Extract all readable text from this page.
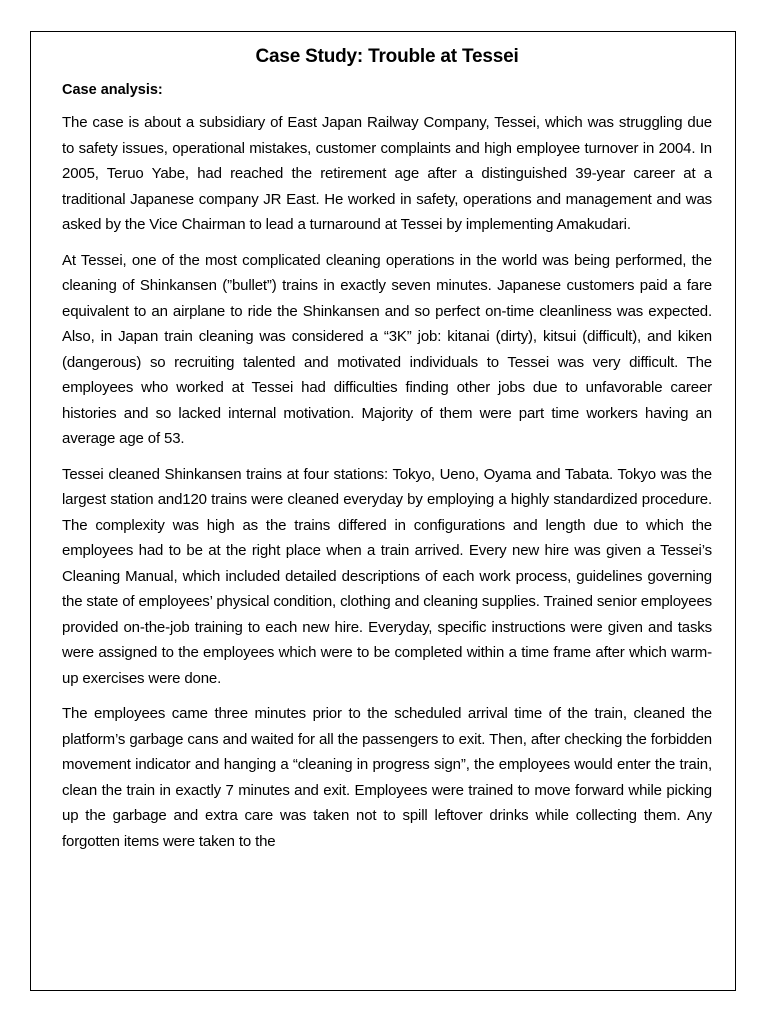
Case Study: Trouble at Tessei
Case analysis:

The case is about a subsidiary of East Japan Railway Company, Tessei, which was struggling due to safety issues, operational mistakes, customer complaints and high employee turnover in 2004. In 2005, Teruo Yabe, had reached the retirement age after a distinguished 39-year career at a traditional Japanese company JR East. He worked in safety, operations and management and was asked by the Vice Chairman to lead a turnaround at Tessei by implementing Amakudari.

At Tessei, one of the most complicated cleaning operations in the world was being performed, the cleaning of Shinkansen (”bullet”) trains in exactly seven minutes. Japanese customers paid a fare equivalent to an airplane to ride the Shinkansen and so perfect on-time cleanliness was expected. Also, in Japan train cleaning was considered a “3K” job: kitanai (dirty), kitsui (difficult), and kiken (dangerous) so recruiting talented and motivated individuals to Tessei was very difficult. The employees who worked at Tessei had difficulties finding other jobs due to unfavorable career histories and so lacked internal motivation. Majority of them were part time workers having an average age of 53.

Tessei cleaned Shinkansen trains at four stations: Tokyo, Ueno, Oyama and Tabata. Tokyo was the largest station and120 trains were cleaned everyday by employing a highly standardized procedure. The complexity was high as the trains differed in configurations and length due to which the employees had to be at the right place when a train arrived. Every new hire was given a Tessei’s Cleaning Manual, which included detailed descriptions of each work process, guidelines governing the state of employees’ physical condition, clothing and cleaning supplies. Trained senior employees provided on-the-job training to each new hire. Everyday, specific instructions were given and tasks were assigned to the employees which were to be completed within a time frame after which warm-up exercises were done.

The employees came three minutes prior to the scheduled arrival time of the train, cleaned the platform’s garbage cans and waited for all the passengers to exit. Then, after checking the forbidden movement indicator and hanging a “cleaning in progress sign”, the employees would enter the train, clean the train in exactly 7 minutes and exit. Employees were trained to move forward while picking up the garbage and extra care was taken not to spill leftover drinks while collecting them. Any forgotten items were taken to the
